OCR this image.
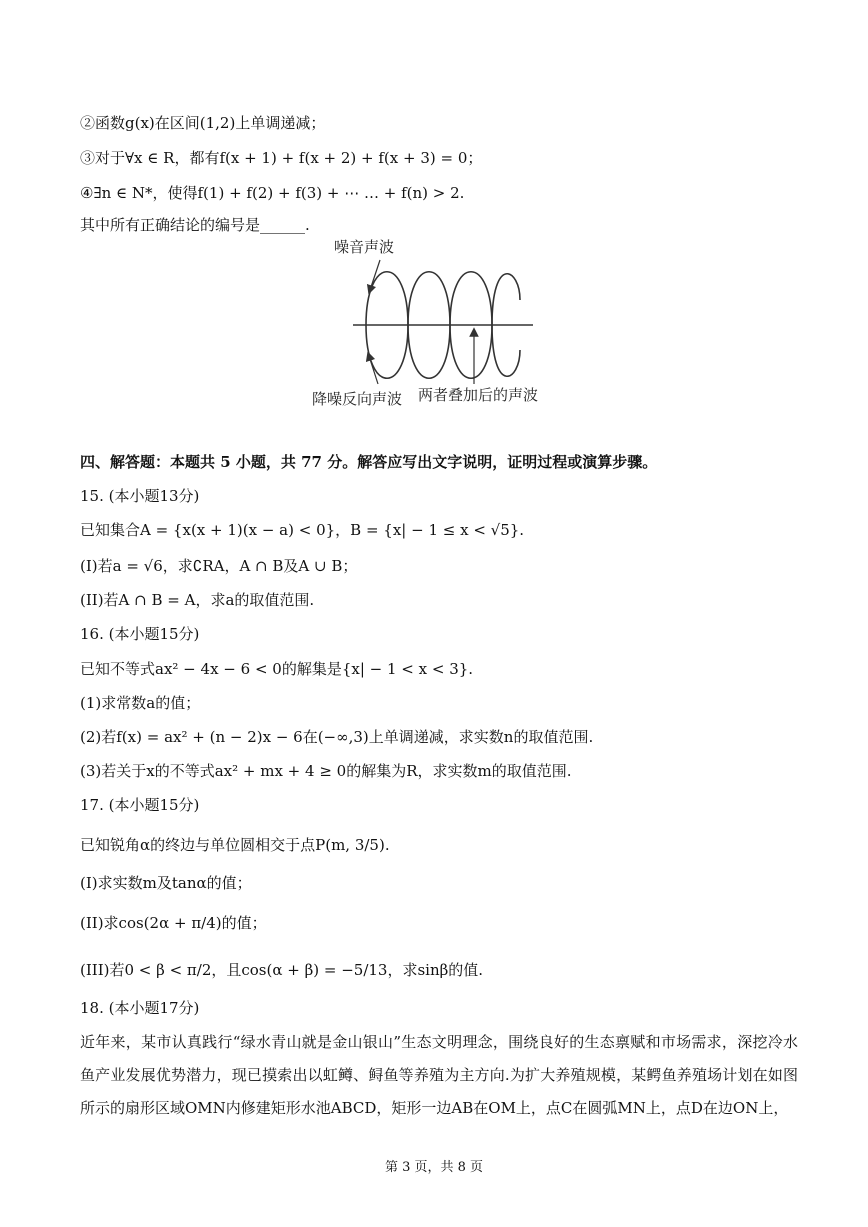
②函数g(x)在区间(1,2)上单调递减；
③对于∀x ∈ R，都有f(x + 1) + f(x + 2) + f(x + 3) = 0；
④∃n ∈ N*，使得f(1) + f(2) + f(3) + ⋯ … + f(n) > 2.
其中所有正确结论的编号是______.
噪音声波
降噪反向声波 两者叠加后的声波
四、解答题：本题共 5 小题，共 77 分。解答应写出文字说明，证明过程或演算步骤。
15. (本小题13分)
已知集合A = {x(x + 1)(x − a) < 0}，B = {x| − 1 ≤ x < √5}.
(I)若a = √6，求∁RA，A ∩ B及A ∪ B；
(II)若A ∩ B = A，求a的取值范围.
16. (本小题15分)
已知不等式ax² − 4x − 6 < 0的解集是{x| − 1 < x < 3}.
(1)求常数a的值；
(2)若f(x) = ax² + (n − 2)x − 6在(−∞,3)上单调递减，求实数n的取值范围.
(3)若关于x的不等式ax² + mx + 4 ≥ 0的解集为R，求实数m的取值范围.
17. (本小题15分)
已知锐角α的终边与单位圆相交于点P(m, 3/5).
(I)求实数m及tanα的值；
(II)求cos(2α + π/4)的值；
(III)若0 < β < π/2，且cos(α + β) = −5/13，求sinβ的值.
18. (本小题17分)
近年来，某市认真践行“绿水青山就是金山银山”生态文明理念，围绕良好的生态禀赋和市场需求，深挖冷水鱼产业发展优势潜力，现已摸索出以虹鳟、鲟鱼等养殖为主方向.为扩大养殖规模，某鳄鱼养殖场计划在如图所示的扇形区域OMN内修建矩形水池ABCD，矩形一边AB在OM上，点C在圆弧MN上，点D在边ON上，
第 3 页，共 8 页
